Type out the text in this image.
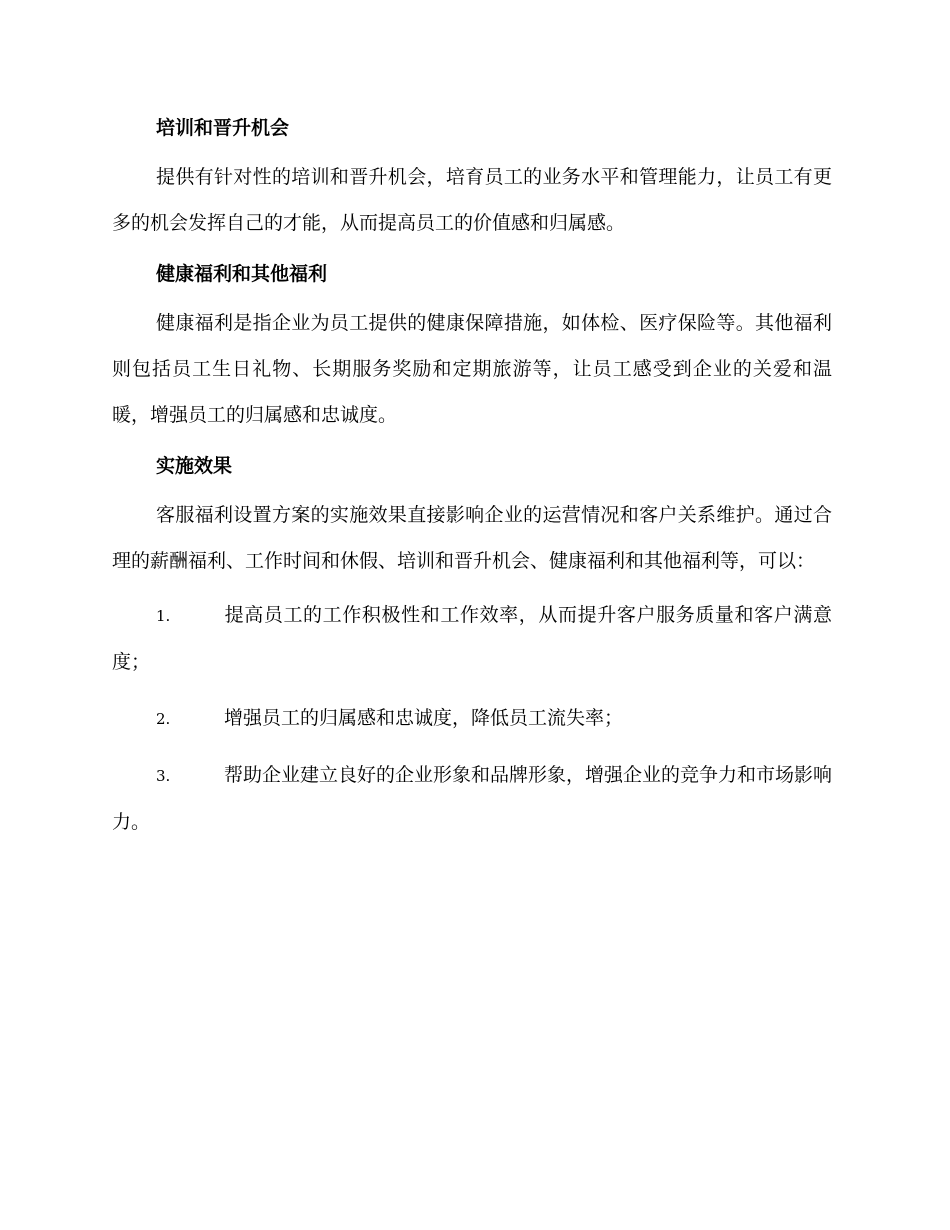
培训和晋升机会

提供有针对性的培训和晋升机会，培育员工的业务水平和管理能力，让员工有更多的机会发挥自己的才能，从而提高员工的价值感和归属感。

健康福利和其他福利

健康福利是指企业为员工提供的健康保障措施，如体检、医疗保险等。其他福利则包括员工生日礼物、长期服务奖励和定期旅游等，让员工感受到企业的关爱和温暖，增强员工的归属感和忠诚度。

实施效果

客服福利设置方案的实施效果直接影响企业的运营情况和客户关系维护。通过合理的薪酬福利、工作时间和休假、培训和晋升机会、健康福利和其他福利等，可以：

1.	提高员工的工作积极性和工作效率，从而提升客户服务质量和客户满意度；

2.	增强员工的归属感和忠诚度，降低员工流失率；

3.	帮助企业建立良好的企业形象和品牌形象，增强企业的竞争力和市场影响力。
